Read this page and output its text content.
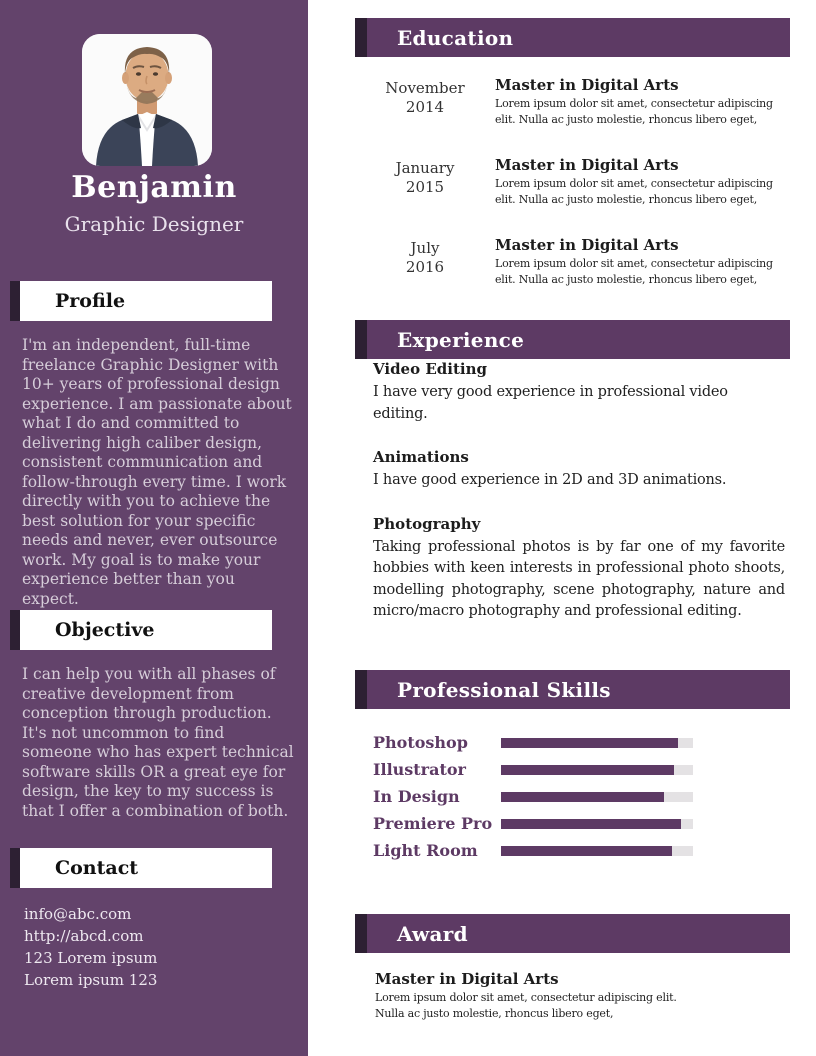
Benjamin
Graphic Designer
Profile

I'm an independent, full-time freelance Graphic Designer with 10+ years of professional design experience. I am passionate about what I do and committed to delivering high caliber design, consistent communication and follow-through every time. I work directly with you to achieve the best solution for your specific needs and never, ever outsource work. My goal is to make your experience better than you expect.

Objective

I can help you with all phases of creative development from conception through production. It's not uncommon to find someone who has expert technical software skills OR a great eye for design, the key to my success is that I offer a combination of both.

Contact
info@abc.com
http://abcd.com
123 Lorem ipsum
Lorem ipsum 123
Education
November
2014
Master in Digital Arts
Lorem ipsum dolor sit amet, consectetur adipiscing elit. Nulla ac justo molestie, rhoncus libero eget,
January
2015
Master in Digital Arts
Lorem ipsum dolor sit amet, consectetur adipiscing elit. Nulla ac justo molestie, rhoncus libero eget,
July
2016
Master in Digital Arts
Lorem ipsum dolor sit amet, consectetur adipiscing elit. Nulla ac justo molestie, rhoncus libero eget,
Experience
Video Editing
I have very good experience in professional video editing.
Animations
I have good experience in 2D and 3D animations.
Photography
Taking professional photos is by far one of my favorite hobbies with keen interests in professional photo shoots, modelling photography, scene photography, nature and micro/macro photography and professional editing.
Professional Skills
Photoshop
Illustrator
In Design
Premiere Pro
Light Room
Award
Master in Digital Arts
Lorem ipsum dolor sit amet, consectetur adipiscing elit. Nulla ac justo molestie, rhoncus libero eget,
